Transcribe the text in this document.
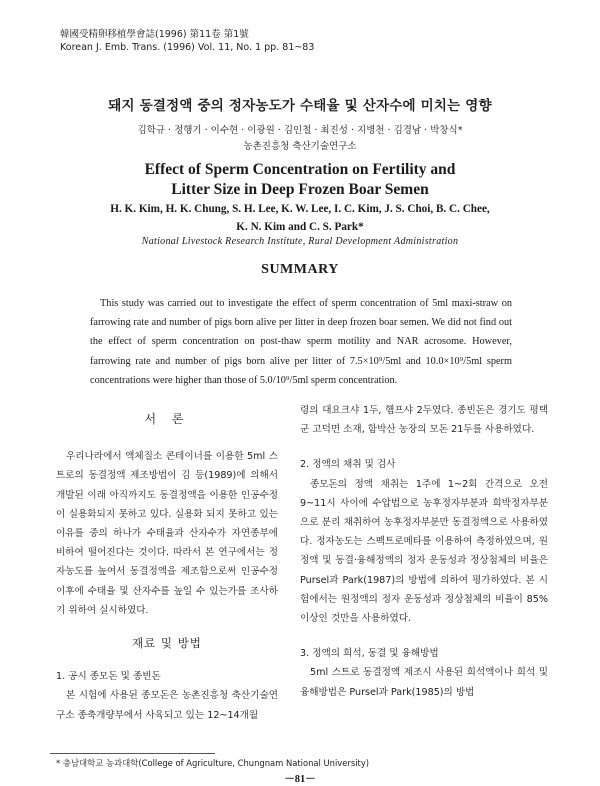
韓國受精卵移植學會誌(1996) 第11卷 第1號
Korean J. Emb. Trans. (1996) Vol. 11, No. 1 pp. 81~83
돼지 동결정액 중의 정자농도가 수태율 및 산자수에 미치는 영향
김학규 · 정행기 · 이수현 · 이광원 · 김인철 · 최진성 · 지병천 · 김경남 · 박창식*
농촌진흥청 축산기술연구소
Effect of Sperm Concentration on Fertility and
Litter Size in Deep Frozen Boar Semen
H. K. Kim, H. K. Chung, S. H. Lee, K. W. Lee, I. C. Kim, J. S. Choi, B. C. Chee,
K. N. Kim and C. S. Park*
National Livestock Research Institute, Rural Development Administration
SUMMARY

This study was carried out to investigate the effect of sperm concentration of 5ml maxi-straw on farrowing rate and number of pigs born alive per litter in deep frozen boar semen. We did not find out the effect of sperm concentration on post-thaw sperm motility and NAR acrosome. However, farrowing rate and number of pigs born alive per litter of 7.5×10⁹/5ml and 10.0×10⁹/5ml sperm concentrations were higher than those of 5.0/10⁹/5ml sperm concentration.

서 론

우리나라에서 액체질소 콘테이너를 이용한 5ml 스트로의 동결정액 제조방법이 김 등(1989)에 의해서 개발된 이래 아직까지도 동결정액을 이용한 인공수정이 실용화되지 못하고 있다. 실용화 되지 못하고 있는 이유를 중의 하나가 수태율과 산자수가 자연종부에 비하여 떨어진다는 것이다. 따라서 본 연구에서는 정자농도를 높여서 동결정액을 제조함으로써 인공수정 이후에 수태율 및 산자수를 높일 수 있는가를 조사하기 위하여 실시하였다.

재료 및 방법
1. 공시 종모돈 및 종빈돈

본 시험에 사용된 종모돈은 농촌진흥청 축산기술연구소 종축개량부에서 사육되고 있는 12~14개월

령의 대요크샤 1두, 햄프샤 2두였다. 종빈돈은 경기도 평택군 고덕면 소재, 함박산 농장의 모돈 21두를 사용하였다.

2. 정액의 채취 및 검사

종모돈의 정액 채취는 1주에 1~2회 간격으로 오전 9~11시 사이에 수압법으로 농후정자부분과 희박정자부분으로 분리 채취하여 농후정자부분만 동결정액으로 사용하였다. 정자농도는 스펙트로메타를 이용하여 측정하였으며, 원정액 및 동결·융해정액의 정자 운동성과 정상첨체의 비율은 Pursel과 Park(1987)의 방법에 의하여 평가하였다. 본 시험에서는 원정액의 정자 운동성과 정상첨체의 비율이 85% 이상인 것만을 사용하였다.

3. 정액의 희석, 동결 및 융해방법

5ml 스트로 동결정액 제조시 사용된 희석액이나 희석 및 융해방법은 Pursel과 Park(1985)의 방법

* 충남대학교 농과대학(College of Agriculture, Chungnam National University)
－81－
